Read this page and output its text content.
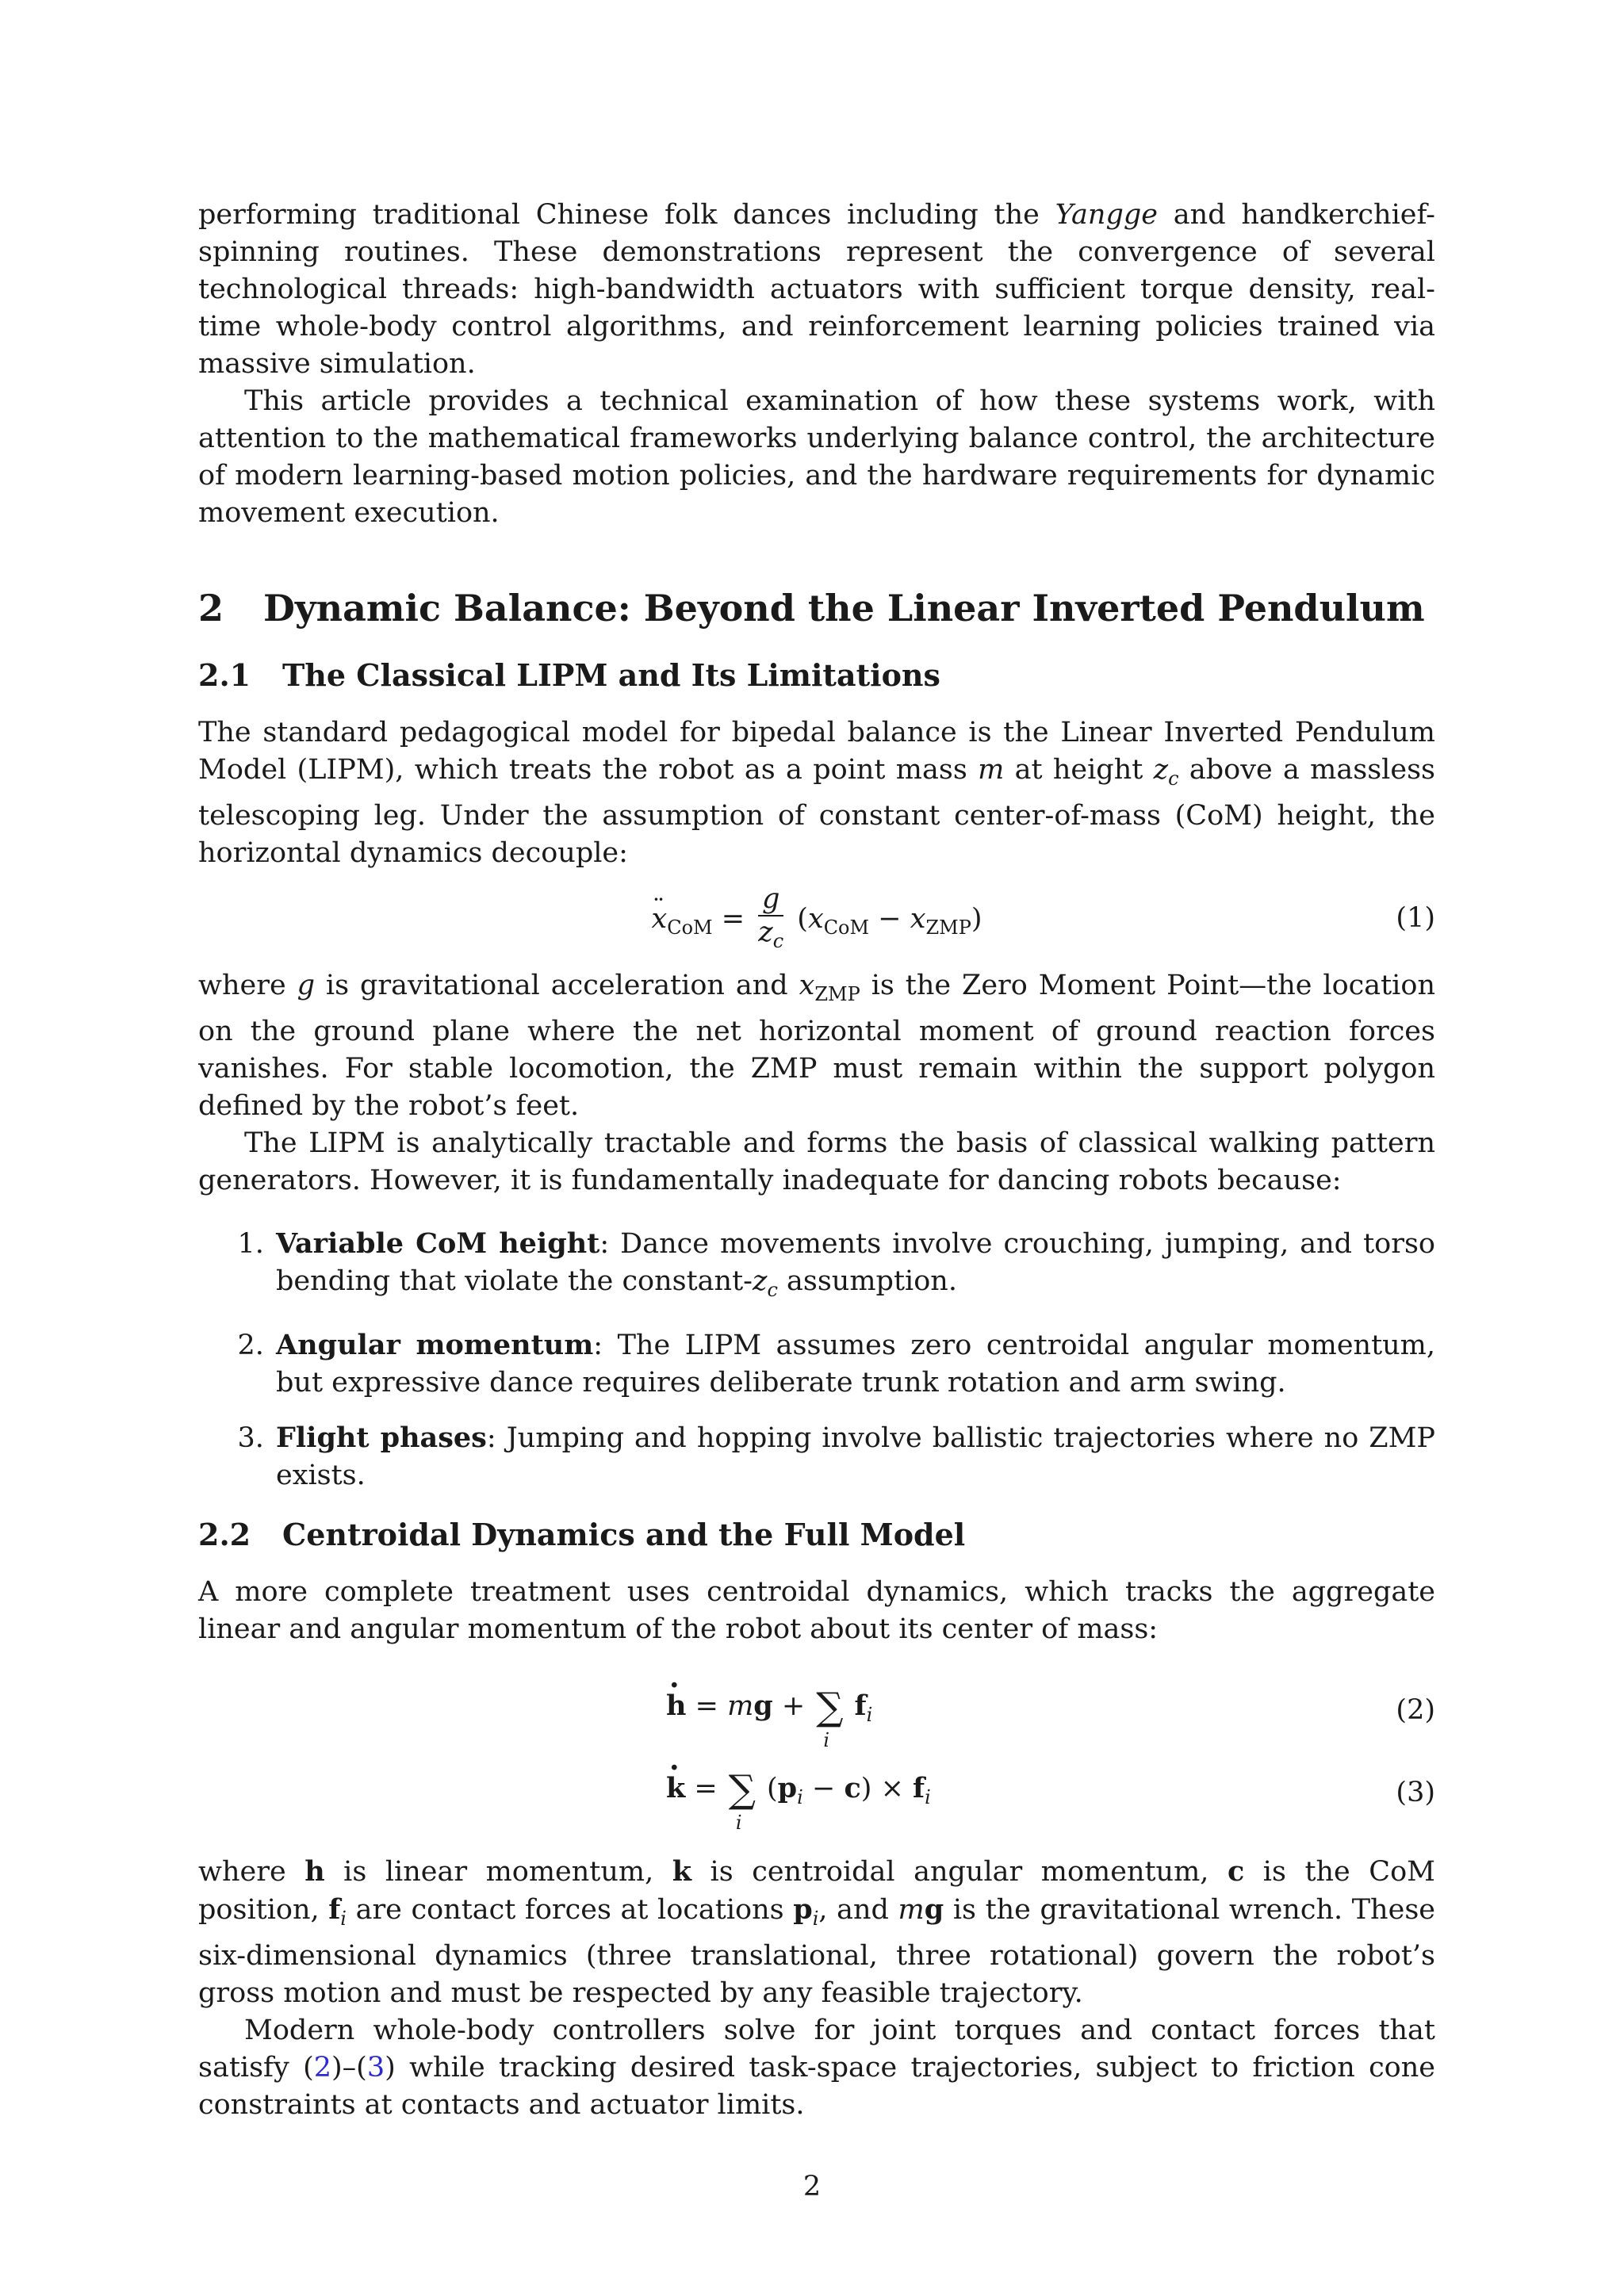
performing traditional Chinese folk dances including the Yangge and handkerchief-spinning routines. These demonstrations represent the convergence of several technological threads: high-bandwidth actuators with sufficient torque density, real-time whole-body control algorithms, and reinforcement learning policies trained via massive simulation.

This article provides a technical examination of how these systems work, with attention to the mathematical frameworks underlying balance control, the architecture of modern learning-based motion policies, and the hardware requirements for dynamic movement execution.

2 Dynamic Balance: Beyond the Linear Inverted Pendulum
2.1 The Classical LIPM and Its Limitations

The standard pedagogical model for bipedal balance is the Linear Inverted Pendulum Model (LIPM), which treats the robot as a point mass m at height $z_c$ above a massless telescoping leg. Under the assumption of constant center-of-mass (CoM) height, the horizontal dynamics decouple:

¨ $x_{CoM} = \frac{g}{z_c} (x_{CoM} - x_{ZMP})$	(1)

where g is gravitational acceleration and $x_{ZMP}$ is the Zero Moment Point—the location on the ground plane where the net horizontal moment of ground reaction forces vanishes. For stable locomotion, the ZMP must remain within the support polygon defined by the robot’s feet.

The LIPM is analytically tractable and forms the basis of classical walking pattern generators. However, it is fundamentally inadequate for dancing robots because:

1. Variable CoM height: Dance movements involve crouching, jumping, and torso bending that violate the constant-$z_c$ assumption.
2. Angular momentum: The LIPM assumes zero centroidal angular momentum, but expressive dance requires deliberate trunk rotation and arm swing.
3. Flight phases: Jumping and hopping involve ballistic trajectories where no ZMP exists.
2.2 Centroidal Dynamics and the Full Model

A more complete treatment uses centroidal dynamics, which tracks the aggregate linear and angular momentum of the robot about its center of mass:

· h = mg + ∑
i
$f_i$	(2)
· k = ∑
i
$(p_i - c) \times f_i$	(3)

where h is linear momentum, k is centroidal angular momentum, c is the CoM position, $f_i$ are contact forces at locations $p_i$, and mg is the gravitational wrench. These six-dimensional dynamics (three translational, three rotational) govern the robot’s gross motion and must be respected by any feasible trajectory.

Modern whole-body controllers solve for joint torques and contact forces that satisfy (2)–(3) while tracking desired task-space trajectories, subject to friction cone constraints at contacts and actuator limits.

2
